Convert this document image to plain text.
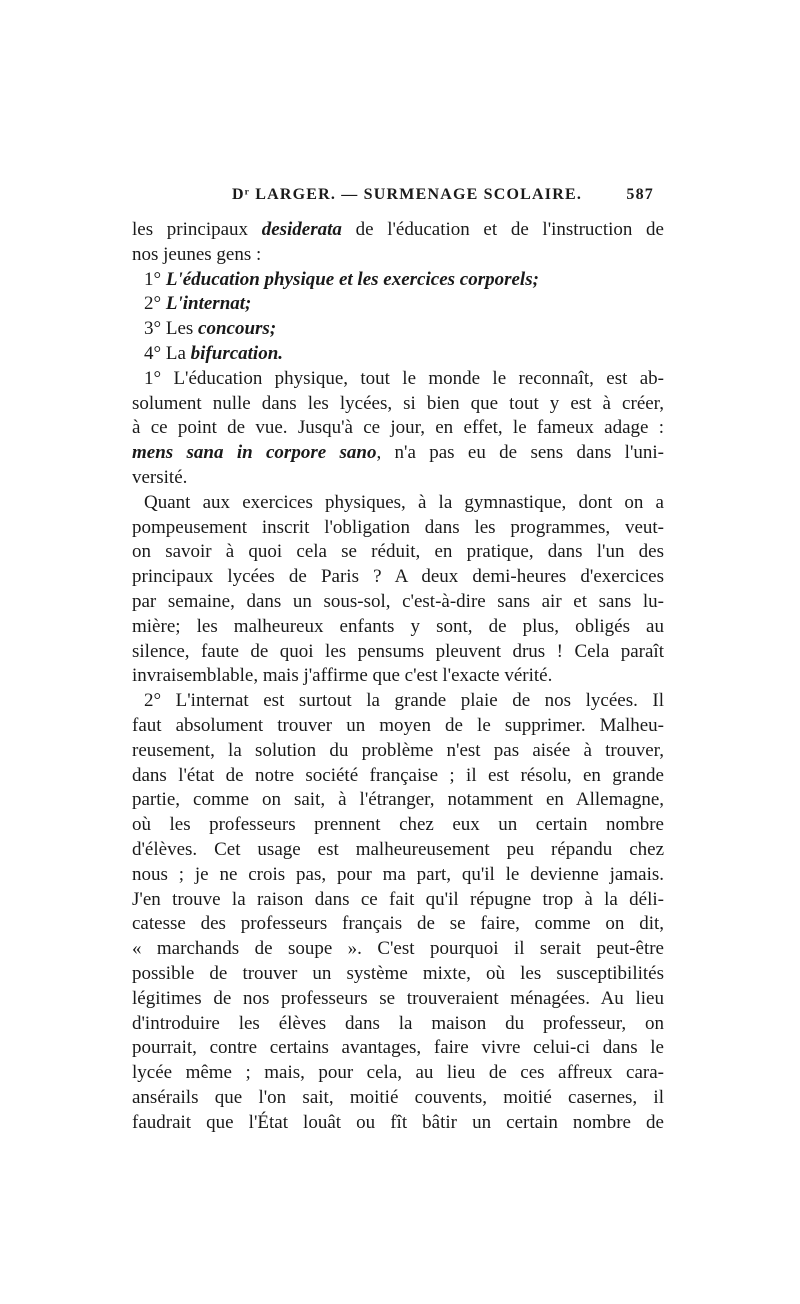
Dʳ LARGER. — SURMENAGE SCOLAIRE.	587
les principaux desiderata de l'éducation et de l'instruction de
nos jeunes gens :
1° L'éducation physique et les exercices corporels;
2° L'internat;
3° Les concours;
4° La bifurcation.
1° L'éducation physique, tout le monde le reconnaît, est ab-
solument nulle dans les lycées, si bien que tout y est à créer,
à ce point de vue. Jusqu'à ce jour, en effet, le fameux adage :
mens sana in corpore sano, n'a pas eu de sens dans l'uni-
versité.
Quant aux exercices physiques, à la gymnastique, dont on a
pompeusement inscrit l'obligation dans les programmes, veut-
on savoir à quoi cela se réduit, en pratique, dans l'un des
principaux lycées de Paris ? A deux demi-heures d'exercices
par semaine, dans un sous-sol, c'est-à-dire sans air et sans lu-
mière; les malheureux enfants y sont, de plus, obligés au
silence, faute de quoi les pensums pleuvent drus ! Cela paraît
invraisemblable, mais j'affirme que c'est l'exacte vérité.
2° L'internat est surtout la grande plaie de nos lycées. Il
faut absolument trouver un moyen de le supprimer. Malheu-
reusement, la solution du problème n'est pas aisée à trouver,
dans l'état de notre société française ; il est résolu, en grande
partie, comme on sait, à l'étranger, notamment en Allemagne,
où les professeurs prennent chez eux un certain nombre
d'élèves. Cet usage est malheureusement peu répandu chez
nous ; je ne crois pas, pour ma part, qu'il le devienne jamais.
J'en trouve la raison dans ce fait qu'il répugne trop à la déli-
catesse des professeurs français de se faire, comme on dit,
« marchands de soupe ». C'est pourquoi il serait peut-être
possible de trouver un système mixte, où les susceptibilités
légitimes de nos professeurs se trouveraient ménagées. Au lieu
d'introduire les élèves dans la maison du professeur, on
pourrait, contre certains avantages, faire vivre celui-ci dans le
lycée même ; mais, pour cela, au lieu de ces affreux cara-
ansérails que l'on sait, moitié couvents, moitié casernes, il
faudrait que l'État louât ou fît bâtir un certain nombre de
